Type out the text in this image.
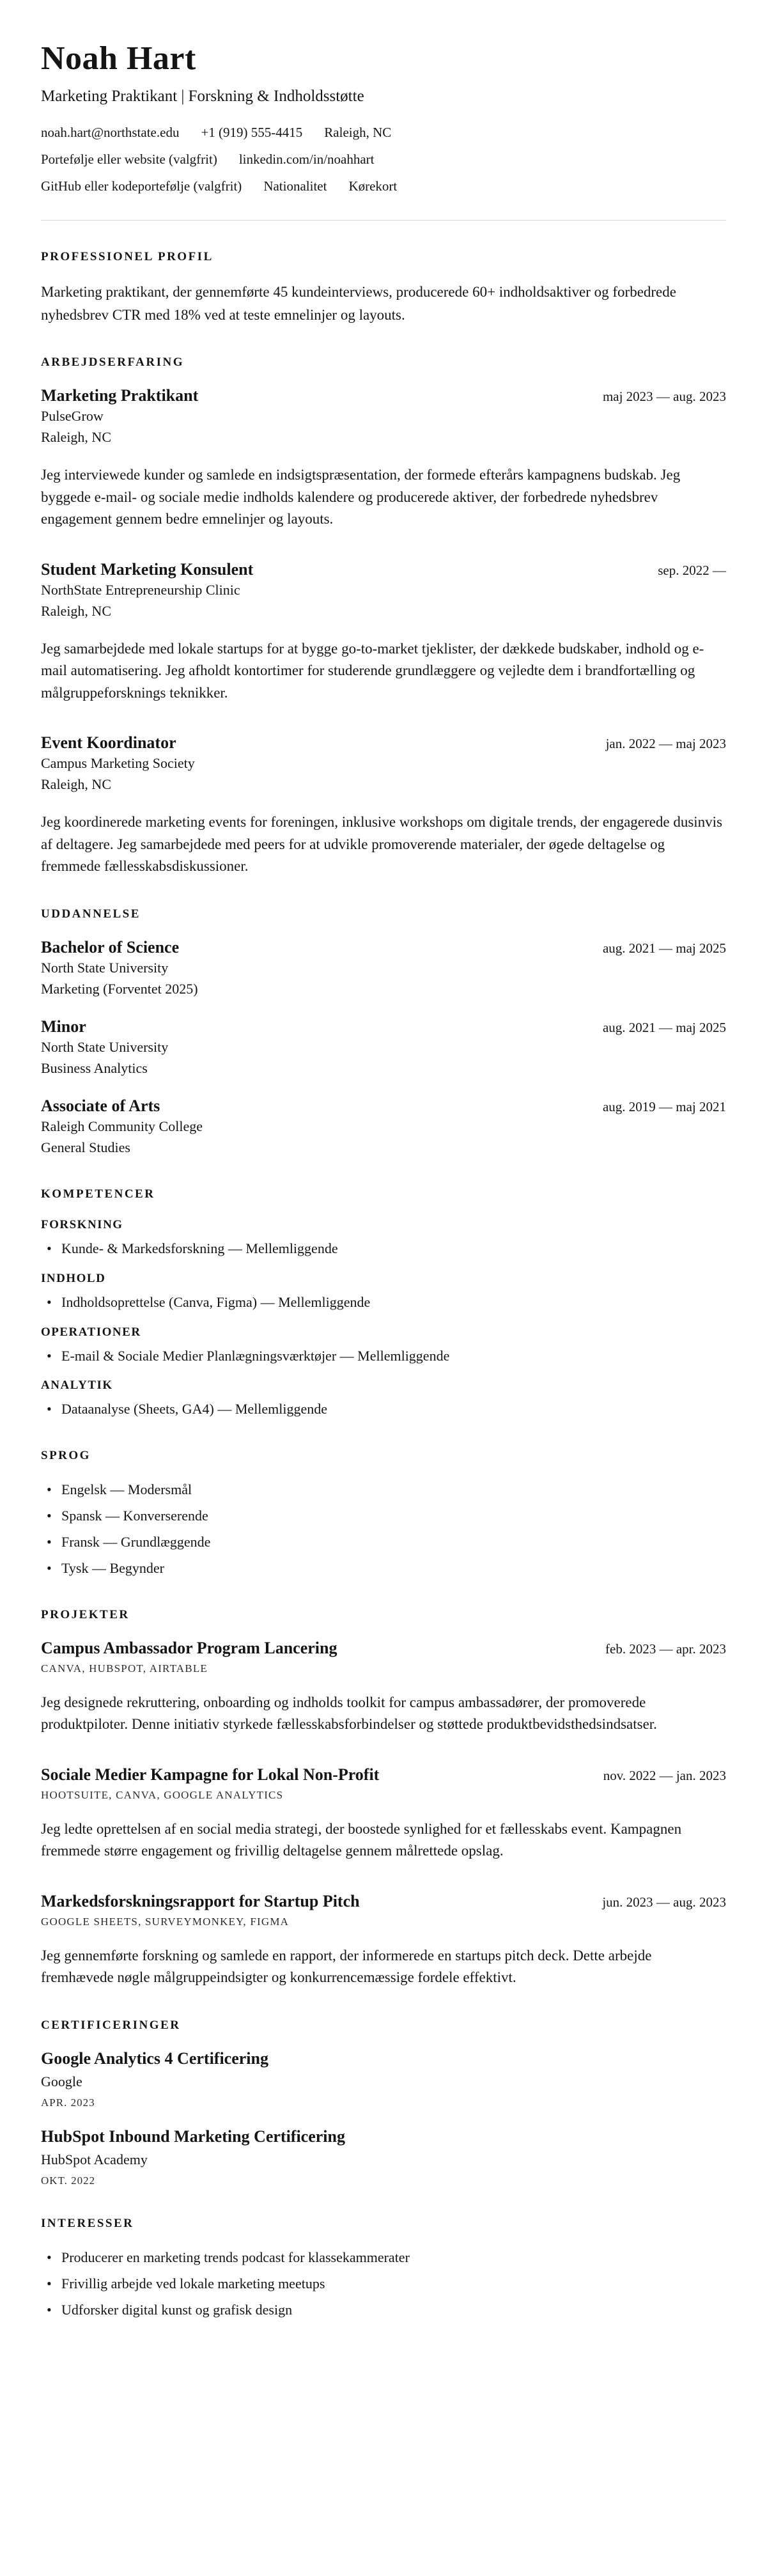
Noah Hart

Marketing Praktikant | Forskning & Indholdsstøtte

noah.hart@northstate.edu +1 (919) 555-4415 Raleigh, NC
Portefølje eller website (valgfrit) linkedin.com/in/noahhart
GitHub eller kodeportefølje (valgfrit) Nationalitet Kørekort
PROFESSIONEL PROFIL

Marketing praktikant, der gennemførte 45 kundeinterviews, producerede 60+ indholdsaktiver og forbedrede nyhedsbrev CTR med 18% ved at teste emnelinjer og layouts.

ARBEJDSERFARING
Marketing Praktikant	maj 2023 — aug. 2023
PulseGrow
Raleigh, NC

Jeg interviewede kunder og samlede en indsigtspræsentation, der formede efterårs kampagnens budskab. Jeg byggede e-mail- og sociale medie indholds kalendere og producerede aktiver, der forbedrede nyhedsbrev engagement gennem bedre emnelinjer og layouts.

Student Marketing Konsulent	sep. 2022 —
NorthState Entrepreneurship Clinic
Raleigh, NC

Jeg samarbejdede med lokale startups for at bygge go-to-market tjeklister, der dækkede budskaber, indhold og e-mail automatisering. Jeg afholdt kontortimer for studerende grundlæggere og vejledte dem i brandfortælling og målgruppeforsknings teknikker.

Event Koordinator	jan. 2022 — maj 2023
Campus Marketing Society
Raleigh, NC

Jeg koordinerede marketing events for foreningen, inklusive workshops om digitale trends, der engagerede dusinvis af deltagere. Jeg samarbejdede med peers for at udvikle promoverende materialer, der øgede deltagelse og fremmede fællesskabsdiskussioner.

UDDANNELSE
Bachelor of Science	aug. 2021 — maj 2025
North State University
Marketing (Forventet 2025)
Minor	aug. 2021 — maj 2025
North State University
Business Analytics
Associate of Arts	aug. 2019 — maj 2021
Raleigh Community College
General Studies
KOMPETENCER
FORSKNING
• Kunde- & Markedsforskning — Mellemliggende
INDHOLD
• Indholdsoprettelse (Canva, Figma) — Mellemliggende
OPERATIONER
• E-mail & Sociale Medier Planlægningsværktøjer — Mellemliggende
ANALYTIK
• Dataanalyse (Sheets, GA4) — Mellemliggende
SPROG
• Engelsk — Modersmål
• Spansk — Konverserende
• Fransk — Grundlæggende
• Tysk — Begynder
PROJEKTER
Campus Ambassador Program Lancering	feb. 2023 — apr. 2023
CANVA, HUBSPOT, AIRTABLE

Jeg designede rekruttering, onboarding og indholds toolkit for campus ambassadører, der promoverede produktpiloter. Denne initiativ styrkede fællesskabsforbindelser og støttede produktbevidsthedsindsatser.

Sociale Medier Kampagne for Lokal Non-Profit	nov. 2022 — jan. 2023
HOOTSUITE, CANVA, GOOGLE ANALYTICS

Jeg ledte oprettelsen af en social media strategi, der boostede synlighed for et fællesskabs event. Kampagnen fremmede større engagement og frivillig deltagelse gennem målrettede opslag.

Markedsforskningsrapport for Startup Pitch	jun. 2023 — aug. 2023
GOOGLE SHEETS, SURVEYMONKEY, FIGMA

Jeg gennemførte forskning og samlede en rapport, der informerede en startups pitch deck. Dette arbejde fremhævede nøgle målgruppeindsigter og konkurrencemæssige fordele effektivt.

CERTIFICERINGER
Google Analytics 4 Certificering
Google
APR. 2023
HubSpot Inbound Marketing Certificering
HubSpot Academy
OKT. 2022
INTERESSER
• Producerer en marketing trends podcast for klassekammerater
• Frivillig arbejde ved lokale marketing meetups
• Udforsker digital kunst og grafisk design
